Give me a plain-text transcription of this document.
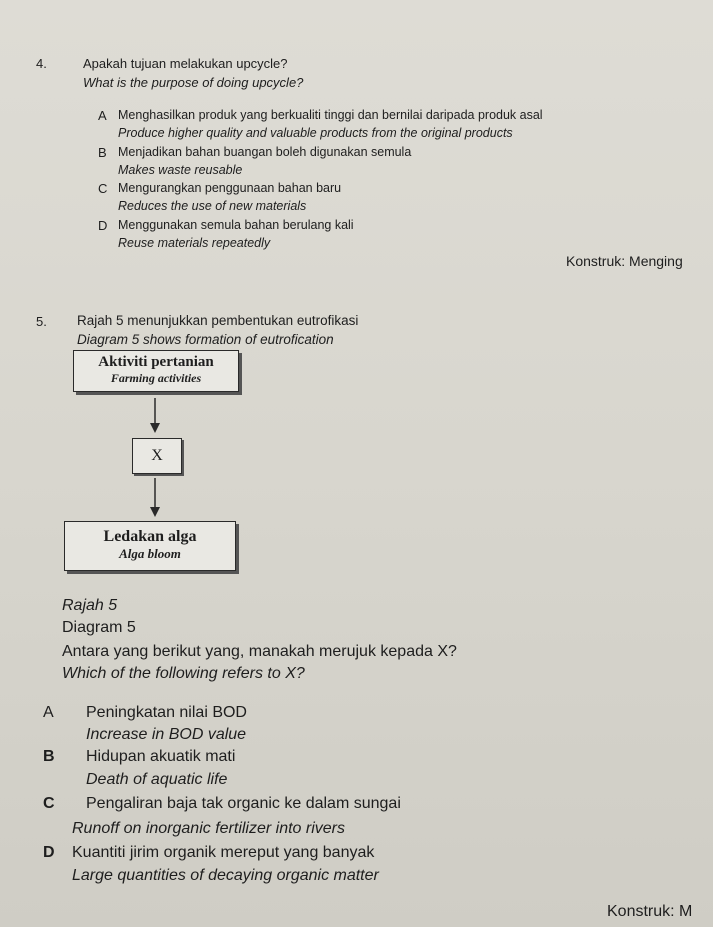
4.	Apakah tujuan melakukan upcycle?
What is the purpose of doing upcycle?
A Menghasilkan produk yang berkualiti tinggi dan bernilai daripada produk asal
Produce higher quality and valuable products from the original products
B Menjadikan bahan buangan boleh digunakan semula
Makes waste reusable
C Mengurangkan penggunaan bahan baru
Reduces the use of new materials
D Menggunakan semula bahan berulang kali
Reuse materials repeatedly
Konstruk: Menging
5. Rajah 5 menunjukkan pembentukan eutrofikasi
Diagram 5 shows formation of eutrofication
Aktiviti pertanian
Farming activities
X
Ledakan alga
Alga bloom
Rajah 5
Diagram 5
Antara yang berikut yang, manakah merujuk kepada X?
Which of the following refers to X?
A Peningkatan nilai BOD
Increase in BOD value
B Hidupan akuatik mati
Death of aquatic life
C Pengaliran baja tak organic ke dalam sungai
Runoff on inorganic fertilizer into rivers
D Kuantiti jirim organik mereput yang banyak
Large quantities of decaying organic matter
Konstruk: M
